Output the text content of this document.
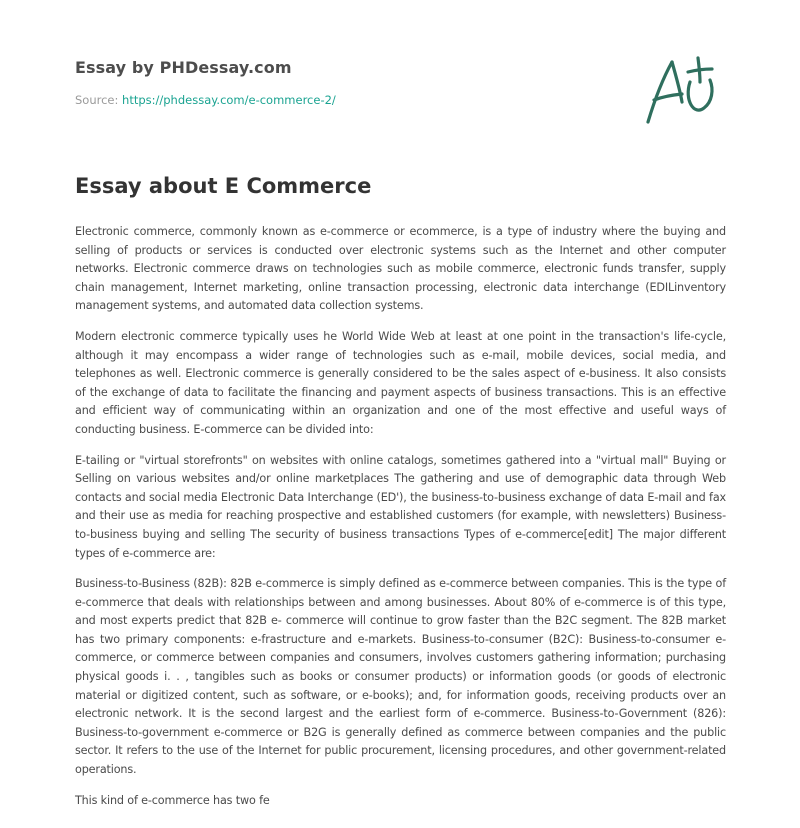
Essay by PHDessay.com
Source: https://phdessay.com/e-commerce-2/
Essay about E Commerce

Electronic commerce, commonly known as e-commerce or ecommerce, is a type of industry where the buying and selling of products or services is conducted over electronic systems such as the Internet and other computer networks. Electronic commerce draws on technologies such as mobile commerce, electronic funds transfer, supply chain management, Internet marketing, online transaction processing, electronic data interchange (EDILinventory management systems, and automated data collection systems.

Modern electronic commerce typically uses he World Wide Web at least at one point in the transaction's life-cycle, although it may encompass a wider range of technologies such as e-mail, mobile devices, social media, and telephones as well. Electronic commerce is generally considered to be the sales aspect of e-business. It also consists of the exchange of data to facilitate the financing and payment aspects of business transactions. This is an effective and efficient way of communicating within an organization and one of the most effective and useful ways of conducting business. E-commerce can be divided into:

E-tailing or "virtual storefronts" on websites with online catalogs, sometimes gathered into a "virtual mall" Buying or Selling on various websites and/or online marketplaces The gathering and use of demographic data through Web contacts and social media Electronic Data Interchange (ED'), the business-to-business exchange of data E-mail and fax and their use as media for reaching prospective and established customers (for example, with newsletters) Business-to-business buying and selling The security of business transactions Types of e-commerce[edit] The major different types of e-commerce are:

Business-to-Business (82B): 82B e-commerce is simply defined as e-commerce between companies. This is the type of e-commerce that deals with relationships between and among businesses. About 80% of e-commerce is of this type, and most experts predict that 82B e- commerce will continue to grow faster than the B2C segment. The 82B market has two primary components: e-frastructure and e-markets. Business-to-consumer (B2C): Business-to-consumer e-commerce, or commerce between companies and consumers, involves customers gathering information; purchasing physical goods i. . , tangibles such as books or consumer products) or information goods (or goods of electronic material or digitized content, such as software, or e-books); and, for information goods, receiving products over an electronic network. It is the second largest and the earliest form of e-commerce. Business-to-Government (826): Business-to-government e-commerce or B2G is generally defined as commerce between companies and the public sector. It refers to the use of the Internet for public procurement, licensing procedures, and other government-related operations.

This kind of e-commerce has two fe
